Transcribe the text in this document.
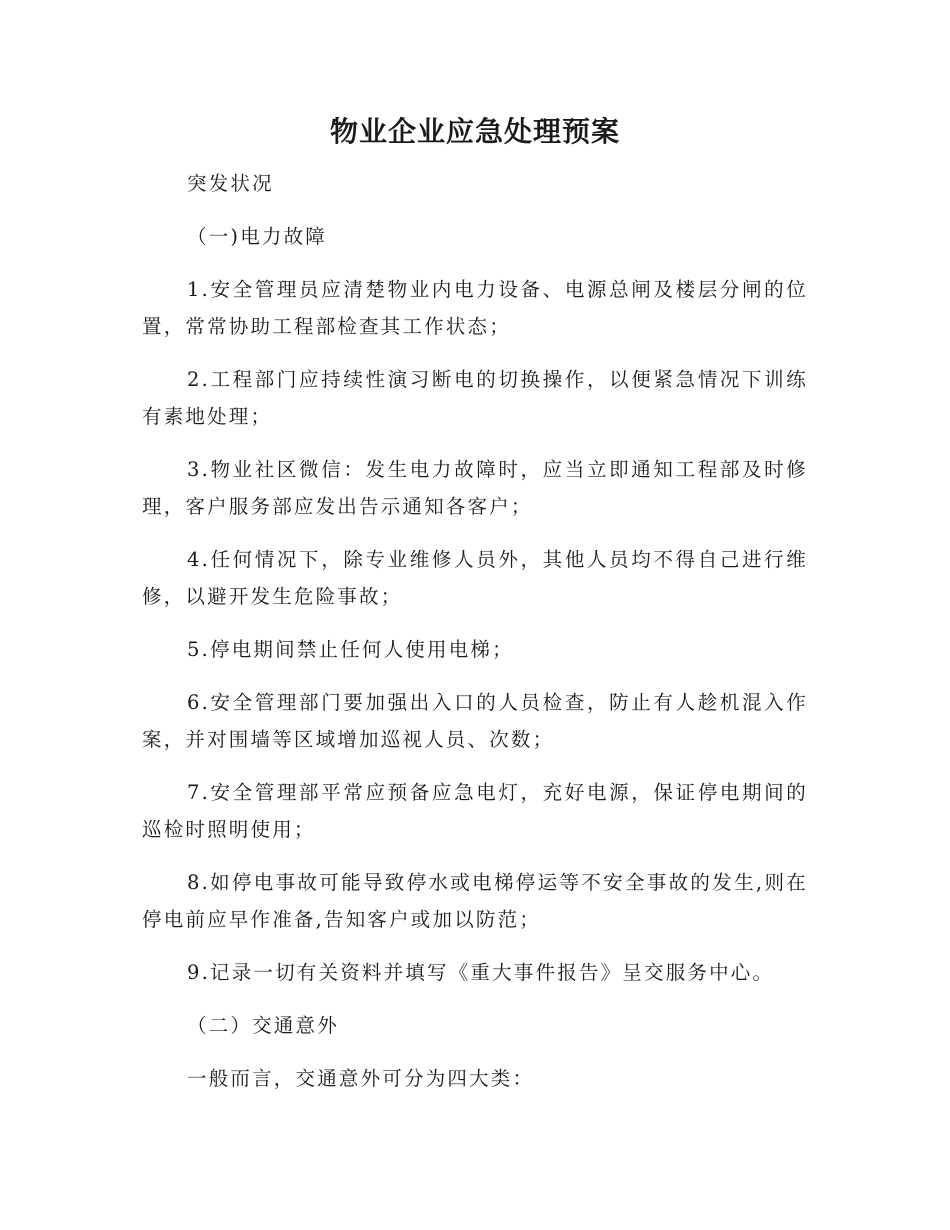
物业企业应急处理预案

突发状况

（一)电力故障

1.安全管理员应清楚物业内电力设备、电源总闸及楼层分闸的位置，常常协助工程部检查其工作状态；

2.工程部门应持续性演习断电的切换操作，以便紧急情况下训练有素地处理；

3.物业社区微信：发生电力故障时，应当立即通知工程部及时修理，客户服务部应发出告示通知各客户；

4.任何情况下，除专业维修人员外，其他人员均不得自己进行维修，以避开发生危险事故；

5.停电期间禁止任何人使用电梯；

6.安全管理部门要加强出入口的人员检查，防止有人趁机混入作案，并对围墙等区域增加巡视人员、次数；

7.安全管理部平常应预备应急电灯，充好电源，保证停电期间的巡检时照明使用；

8.如停电事故可能导致停水或电梯停运等不安全事故的发生,则在停电前应早作准备,告知客户或加以防范；

9.记录一切有关资料并填写《重大事件报告》呈交服务中心。

（二）交通意外

一般而言，交通意外可分为四大类：
